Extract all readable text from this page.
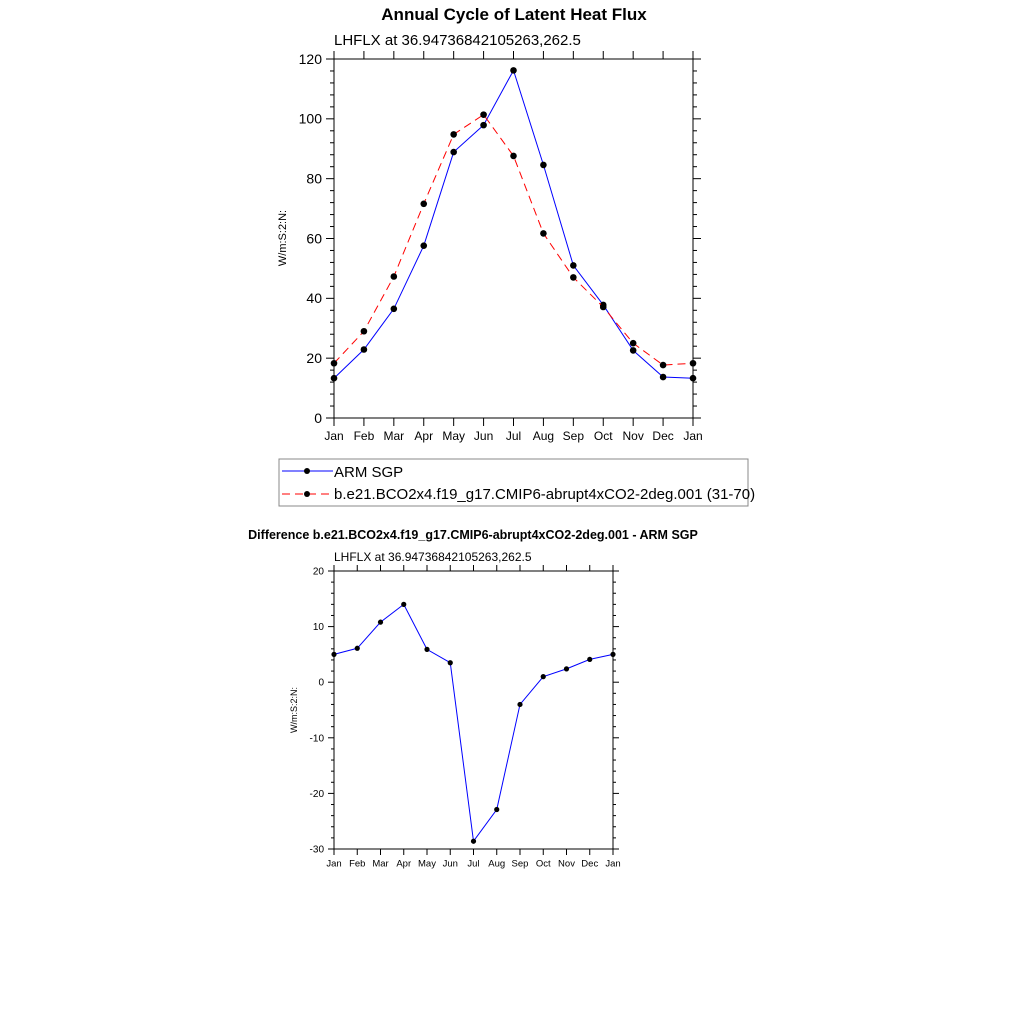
Annual Cycle of Latent Heat Flux
LHFLX at 36.94736842105263,262.5
W/m:S:2:N:
0
20
40
60
80
100
120
Jan Feb Mar Apr May Jun Jul Aug Sep Oct Nov Dec Jan
ARM SGP
b.e21.BCO2x4.f19_g17.CMIP6-abrupt4xCO2-2deg.001 (31-70)
Difference b.e21.BCO2x4.f19_g17.CMIP6-abrupt4xCO2-2deg.001 - ARM SGP
LHFLX at 36.94736842105263,262.5
W/m:S:2:N:
-30
-20
-10
0
10
20
Jan Feb Mar Apr May Jun Jul Aug Sep Oct Nov Dec Jan
